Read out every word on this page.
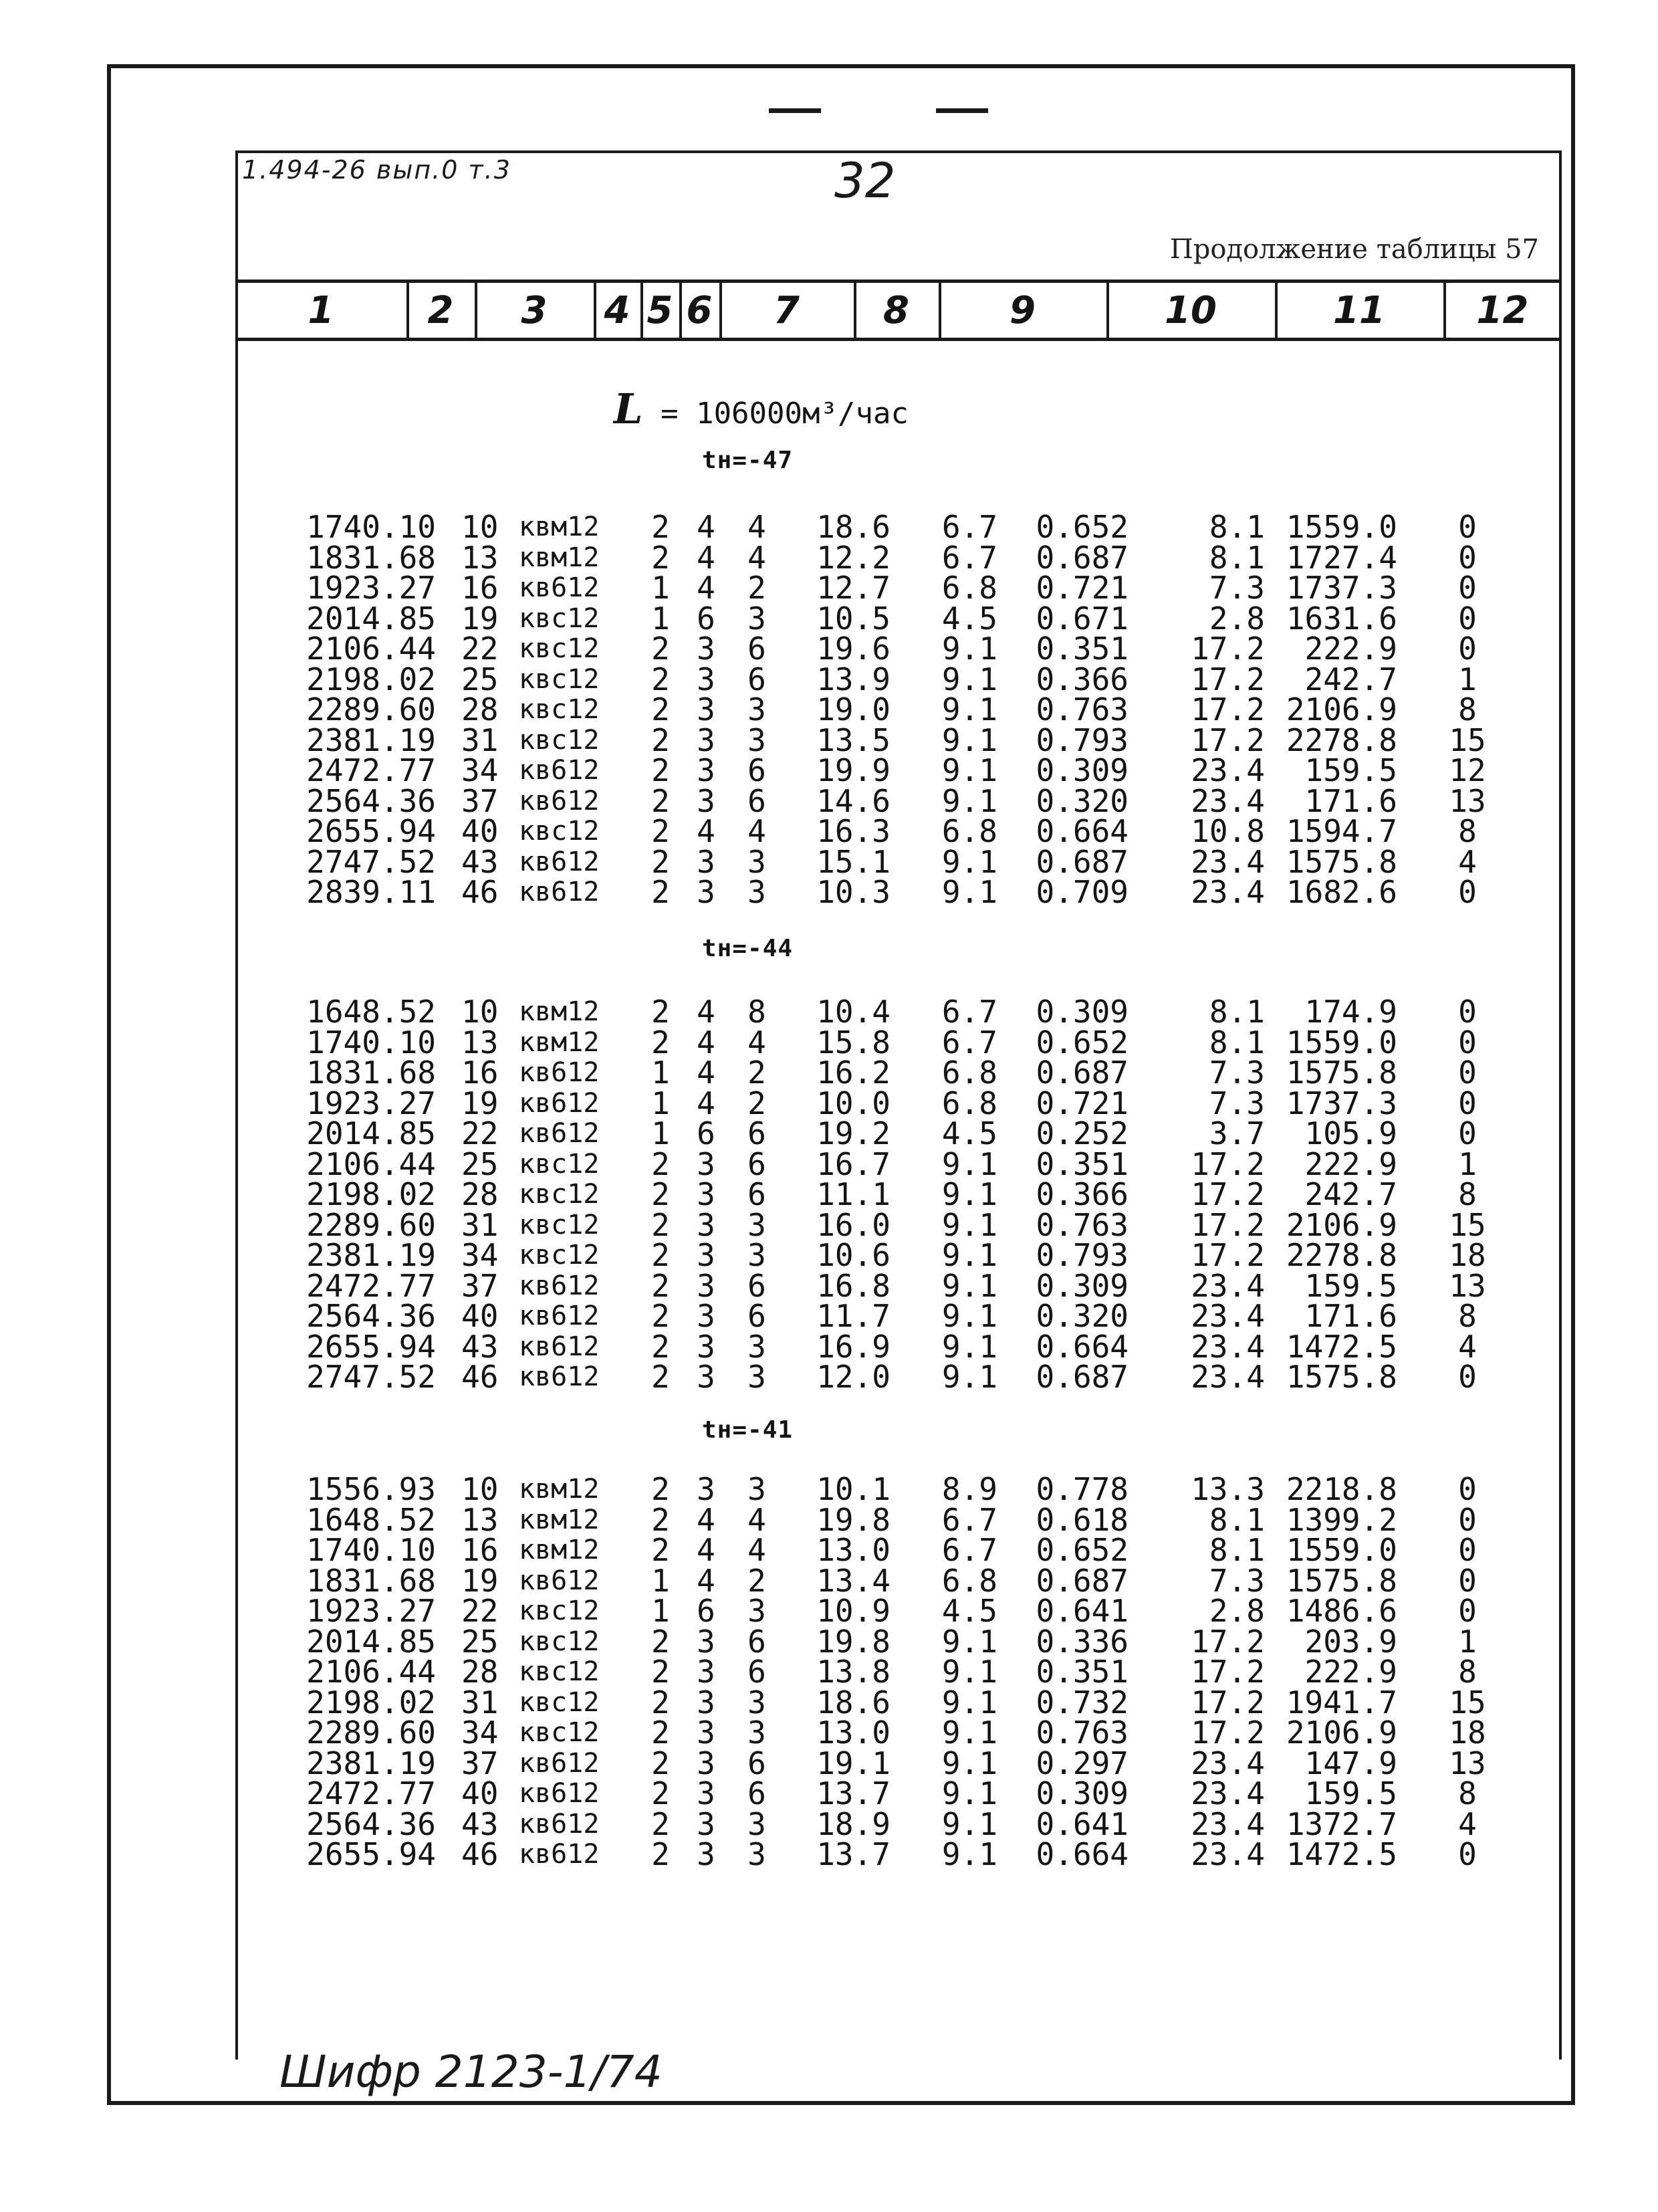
1.494-26 вып.0 т.3	32
Продолжение таблицы 57
1	2	3	4 5 6	7	8	9	10	11	12
L = 106000м³/час
tн=-47
1740.10 10 квм12	2 4 4 18.6	6.7 0.652	8.1 1559.0	0
1831.68 13 квм12	2 4 4 12.2	6.7 0.687	8.1 1727.4	0
1923.27 16 кв612	1 4 2 12.7	6.8 0.721	7.3 1737.3	0
2014.85 19 квс12	1 6 3 10.5	4.5 0.671	2.8 1631.6	0
2106.44 22 квс12	2 3 6 19.6	9.1 0.351	17.2	222.9	0
2198.02 25 квс12	2 3 6 13.9	9.1 0.366	17.2	242.7	1
2289.60 28 квс12	2 3 3 19.0	9.1 0.763	17.2 2106.9	8
2381.19 31 квс12	2 3 3 13.5	9.1 0.793	17.2 2278.8 15
2472.77 34 кв612	2 3 6 19.9	9.1 0.309	23.4	159.5 12
2564.36 37 кв612	2 3 6 14.6	9.1 0.320	23.4	171.6 13
2655.94 40 квс12	2 4 4 16.3	6.8 0.664	10.8 1594.7	8
2747.52 43 кв612	2 3 3 15.1	9.1 0.687	23.4 1575.8	4
2839.11 46 кв612	2 3 3 10.3	9.1 0.709	23.4 1682.6	0
tн=-44
1648.52 10 квм12	2 4 8 10.4	6.7 0.309	8.1	174.9	0
1740.10 13 квм12	2 4 4 15.8	6.7 0.652	8.1 1559.0	0
1831.68 16 кв612	1 4 2 16.2	6.8 0.687	7.3 1575.8	0
1923.27 19 кв612	1 4 2 10.0	6.8 0.721	7.3 1737.3	0
2014.85 22 кв612	1 6 6 19.2	4.5 0.252	3.7	105.9	0
2106.44 25 квс12	2 3 6 16.7	9.1 0.351	17.2	222.9	1
2198.02 28 квс12	2 3 6 11.1	9.1 0.366	17.2	242.7	8
2289.60 31 квс12	2 3 3 16.0	9.1 0.763	17.2 2106.9 15
2381.19 34 квс12	2 3 3 10.6	9.1 0.793	17.2 2278.8 18
2472.77 37 кв612	2 3 6 16.8	9.1 0.309	23.4	159.5 13
2564.36 40 кв612	2 3 6 11.7	9.1 0.320	23.4	171.6	8
2655.94 43 кв612	2 3 3 16.9	9.1 0.664	23.4 1472.5	4
2747.52 46 кв612	2 3 3 12.0	9.1 0.687	23.4 1575.8	0
tн=-41
1556.93 10 квм12	2 3 3 10.1	8.9 0.778	13.3 2218.8	0
1648.52 13 квм12	2 4 4 19.8	6.7 0.618	8.1 1399.2	0
1740.10 16 квм12	2 4 4 13.0	6.7 0.652	8.1 1559.0	0
1831.68 19 кв612	1 4 2 13.4	6.8 0.687	7.3 1575.8	0
1923.27 22 квс12	1 6 3 10.9	4.5 0.641	2.8 1486.6	0
2014.85 25 квс12	2 3 6 19.8	9.1 0.336	17.2	203.9	1
2106.44 28 квс12	2 3 6 13.8	9.1 0.351	17.2	222.9	8
2198.02 31 квс12	2 3 3 18.6	9.1 0.732	17.2 1941.7 15
2289.60 34 квс12	2 3 3 13.0	9.1 0.763	17.2 2106.9 18
2381.19 37 кв612	2 3 6 19.1	9.1 0.297	23.4	147.9 13
2472.77 40 кв612	2 3 6 13.7	9.1 0.309	23.4	159.5	8
2564.36 43 кв612	2 3 3 18.9	9.1 0.641	23.4 1372.7	4
2655.94 46 кв612	2 3 3 13.7	9.1 0.664	23.4 1472.5	0
Шифр 2123-1/74
